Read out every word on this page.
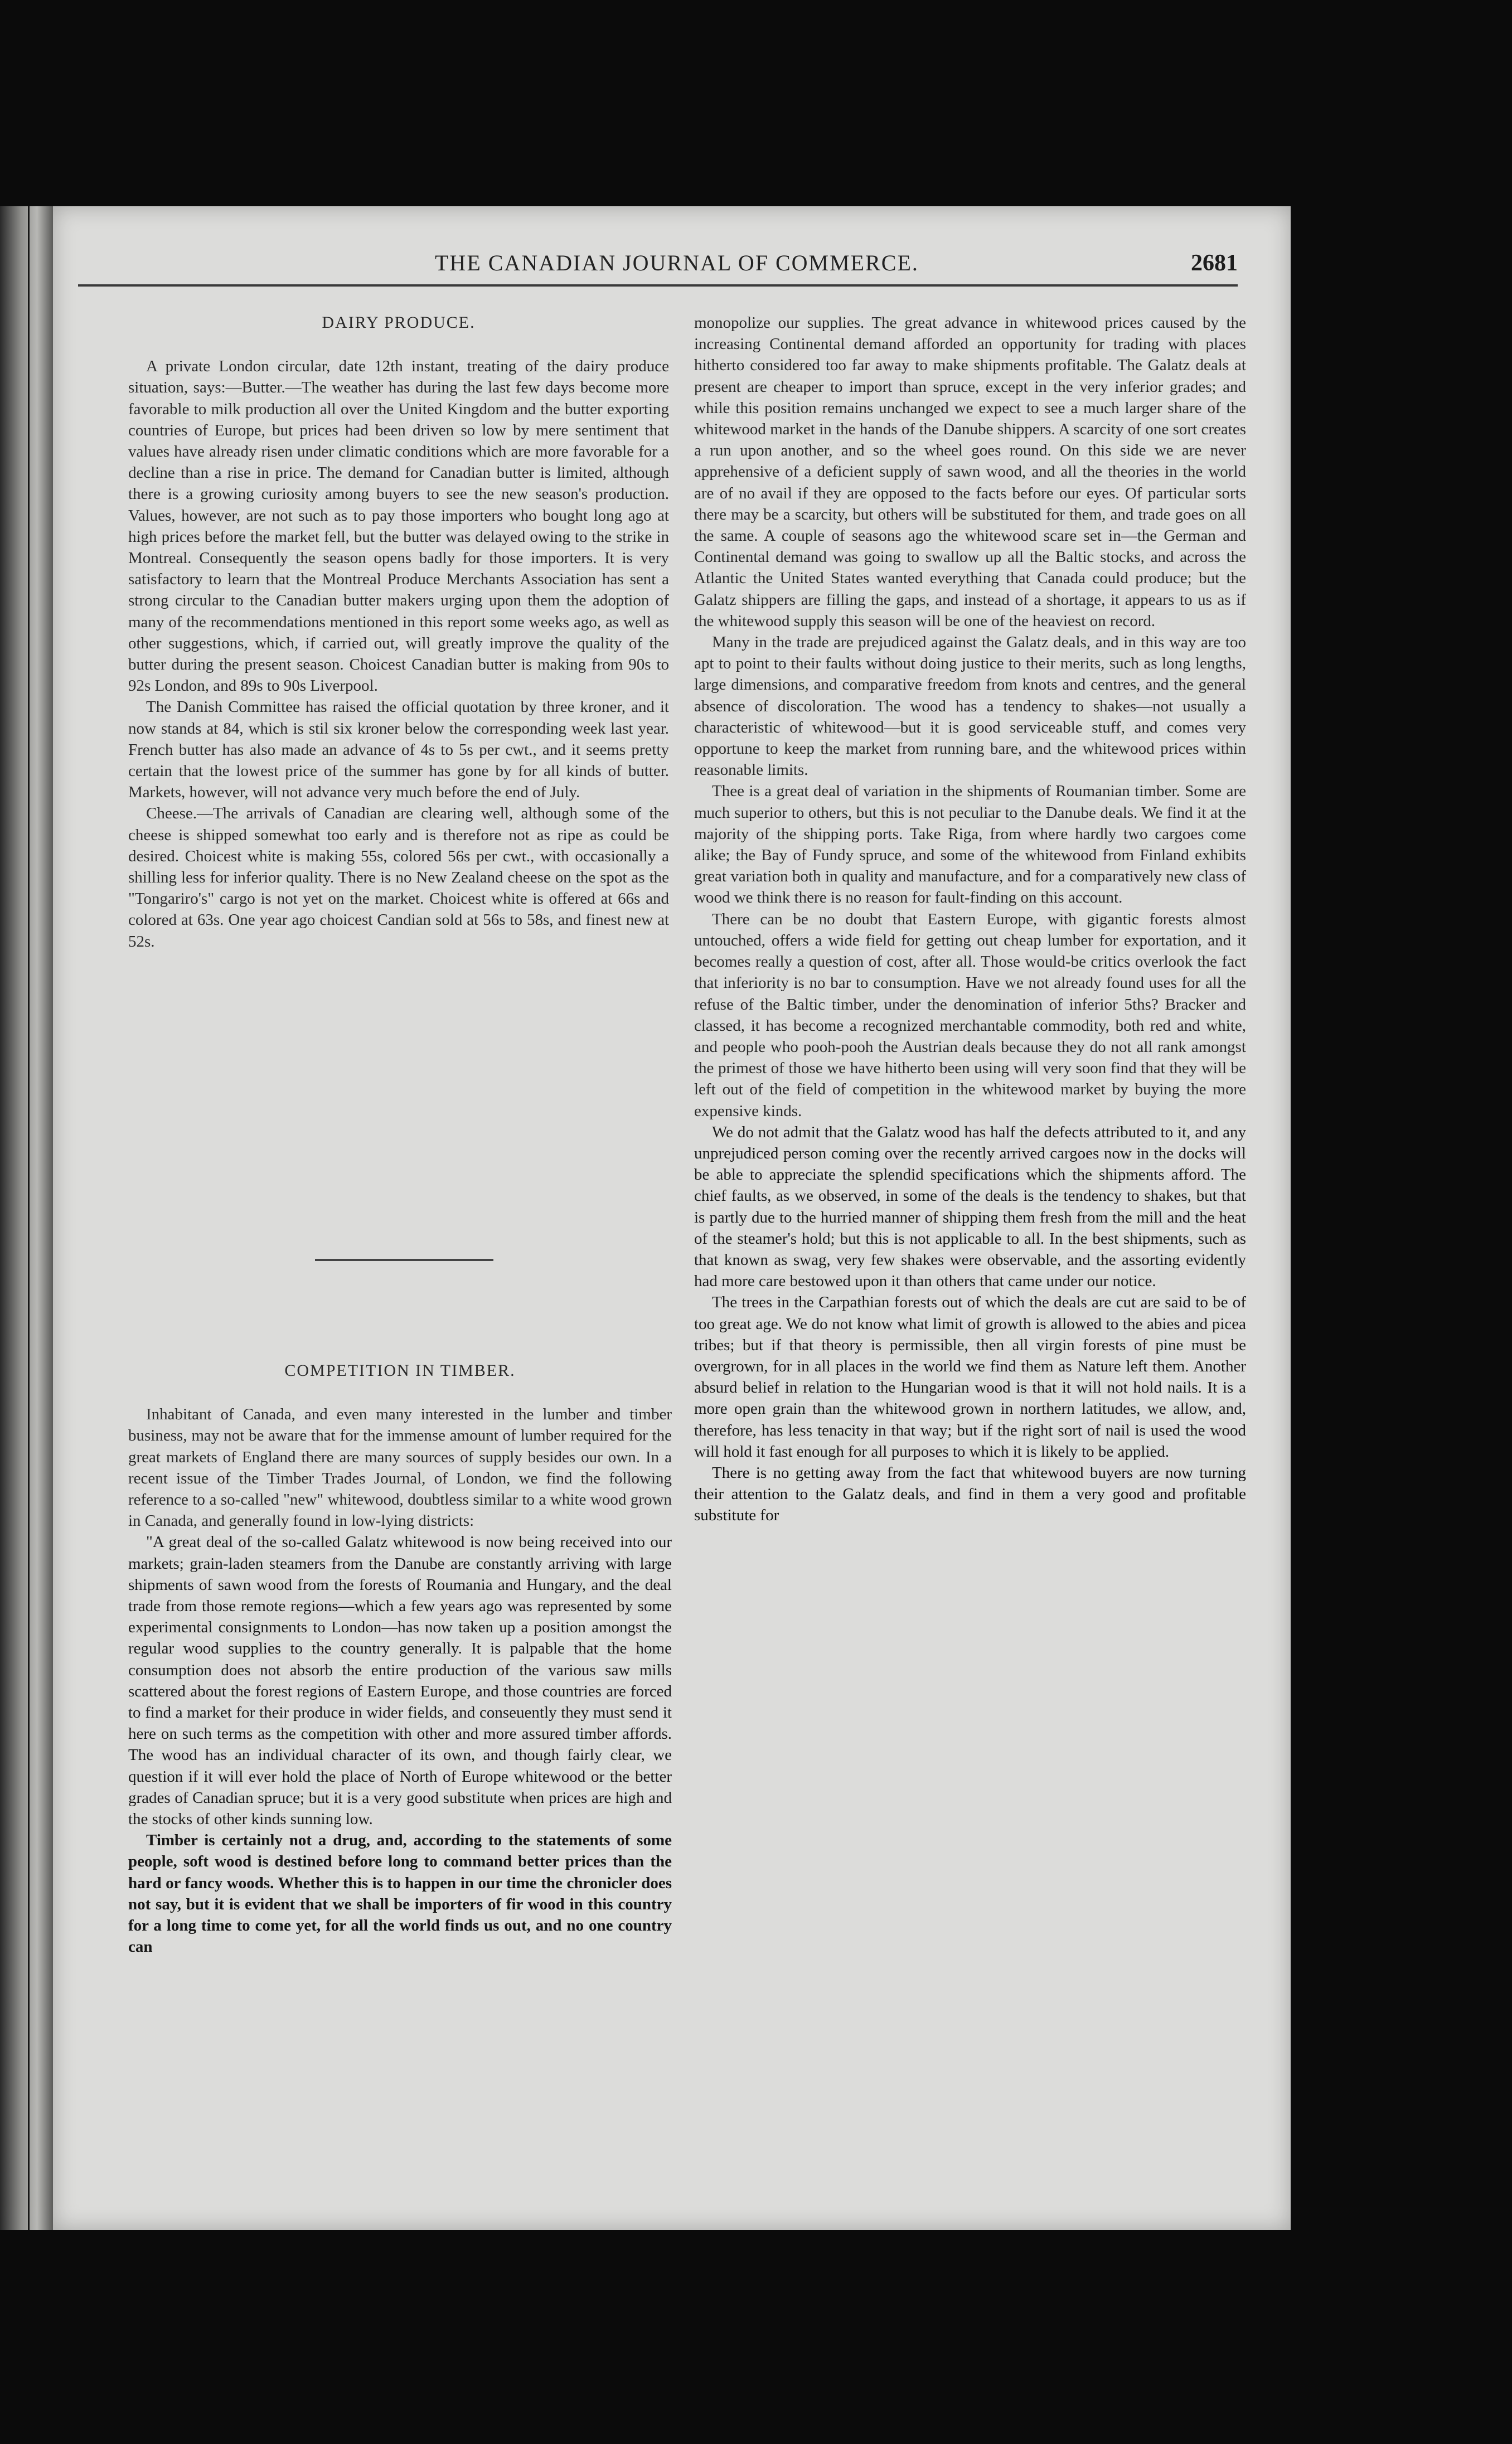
THE CANADIAN JOURNAL OF COMMERCE.	2681
DAIRY PRODUCE.

A private London circular, date 12th instant, treating of the dairy produce situation, says:—Butter.—The weather has during the last few days become more favorable to milk production all over the United Kingdom and the butter exporting countries of Europe, but prices had been driven so low by mere sentiment that values have already risen under climatic conditions which are more favorable for a decline than a rise in price. The demand for Canadian butter is limited, although there is a growing curiosity among buyers to see the new season's production. Values, however, are not such as to pay those importers who bought long ago at high prices before the market fell, but the butter was delayed owing to the strike in Montreal. Consequently the season opens badly for those importers. It is very satisfactory to learn that the Montreal Produce Merchants Association has sent a strong circular to the Canadian butter makers urging upon them the adoption of many of the recommendations mentioned in this report some weeks ago, as well as other suggestions, which, if carried out, will greatly improve the quality of the butter during the present season. Choicest Canadian butter is making from 90s to 92s London, and 89s to 90s Liverpool.

The Danish Committee has raised the official quotation by three kroner, and it now stands at 84, which is stil six kroner below the corresponding week last year. French butter has also made an advance of 4s to 5s per cwt., and it seems pretty certain that the lowest price of the summer has gone by for all kinds of butter. Markets, however, will not advance very much before the end of July.

Cheese.—The arrivals of Canadian are clearing well, although some of the cheese is shipped somewhat too early and is therefore not as ripe as could be desired. Choicest white is making 55s, colored 56s per cwt., with occasionally a shilling less for inferior quality. There is no New Zealand cheese on the spot as the "Tongariro's" cargo is not yet on the market. Choicest white is offered at 66s and colored at 63s. One year ago choicest Candian sold at 56s to 58s, and finest new at 52s.

COMPETITION IN TIMBER.

Inhabitant of Canada, and even many interested in the lumber and timber business, may not be aware that for the immense amount of lumber required for the great markets of England there are many sources of supply besides our own. In a recent issue of the Timber Trades Journal, of London, we find the following reference to a so-called "new" whitewood, doubtless similar to a white wood grown in Canada, and generally found in low-lying districts:

"A great deal of the so-called Galatz whitewood is now being received into our markets; grain-laden steamers from the Danube are constantly arriving with large shipments of sawn wood from the forests of Roumania and Hungary, and the deal trade from those remote regions—which a few years ago was represented by some experimental consignments to London—has now taken up a position amongst the regular wood supplies to the country generally. It is palpable that the home consumption does not absorb the entire production of the various saw mills scattered about the forest regions of Eastern Europe, and those countries are forced to find a market for their produce in wider fields, and conseuently they must send it here on such terms as the competition with other and more assured timber affords. The wood has an individual character of its own, and though fairly clear, we question if it will ever hold the place of North of Europe whitewood or the better grades of Canadian spruce; but it is a very good substitute when prices are high and the stocks of other kinds sunning low.

Timber is certainly not a drug, and, according to the statements of some people, soft wood is destined before long to command better prices than the hard or fancy woods. Whether this is to happen in our time the chronicler does not say, but it is evident that we shall be importers of fir wood in this country for a long time to come yet, for all the world finds us out, and no one country can

monopolize our supplies. The great advance in whitewood prices caused by the increasing Continental demand afforded an opportunity for trading with places hitherto considered too far away to make shipments profitable. The Galatz deals at present are cheaper to import than spruce, except in the very inferior grades; and while this position remains unchanged we expect to see a much larger share of the whitewood market in the hands of the Danube shippers. A scarcity of one sort creates a run upon another, and so the wheel goes round. On this side we are never apprehensive of a deficient supply of sawn wood, and all the theories in the world are of no avail if they are opposed to the facts before our eyes. Of particular sorts there may be a scarcity, but others will be substituted for them, and trade goes on all the same. A couple of seasons ago the whitewood scare set in—the German and Continental demand was going to swallow up all the Baltic stocks, and across the Atlantic the United States wanted everything that Canada could produce; but the Galatz shippers are filling the gaps, and instead of a shortage, it appears to us as if the whitewood supply this season will be one of the heaviest on record.

Many in the trade are prejudiced against the Galatz deals, and in this way are too apt to point to their faults without doing justice to their merits, such as long lengths, large dimensions, and comparative freedom from knots and centres, and the general absence of discoloration. The wood has a tendency to shakes—not usually a characteristic of whitewood—but it is good serviceable stuff, and comes very opportune to keep the market from running bare, and the whitewood prices within reasonable limits.

Thee is a great deal of variation in the shipments of Roumanian timber. Some are much superior to others, but this is not peculiar to the Danube deals. We find it at the majority of the shipping ports. Take Riga, from where hardly two cargoes come alike; the Bay of Fundy spruce, and some of the whitewood from Finland exhibits great variation both in quality and manufacture, and for a comparatively new class of wood we think there is no reason for fault-finding on this account.

There can be no doubt that Eastern Europe, with gigantic forests almost untouched, offers a wide field for getting out cheap lumber for exportation, and it becomes really a question of cost, after all. Those would-be critics overlook the fact that inferiority is no bar to consumption. Have we not already found uses for all the refuse of the Baltic timber, under the denomination of inferior 5ths? Bracker and classed, it has become a recognized merchantable commodity, both red and white, and people who pooh-pooh the Austrian deals because they do not all rank amongst the primest of those we have hitherto been using will very soon find that they will be left out of the field of competition in the whitewood market by buying the more expensive kinds.

We do not admit that the Galatz wood has half the defects attributed to it, and any unprejudiced person coming over the recently arrived cargoes now in the docks will be able to appreciate the splendid specifications which the shipments afford. The chief faults, as we observed, in some of the deals is the tendency to shakes, but that is partly due to the hurried manner of shipping them fresh from the mill and the heat of the steamer's hold; but this is not applicable to all. In the best shipments, such as that known as swag, very few shakes were observable, and the assorting evidently had more care bestowed upon it than others that came under our notice.

The trees in the Carpathian forests out of which the deals are cut are said to be of too great age. We do not know what limit of growth is allowed to the abies and picea tribes; but if that theory is permissible, then all virgin forests of pine must be overgrown, for in all places in the world we find them as Nature left them. Another absurd belief in relation to the Hungarian wood is that it will not hold nails. It is a more open grain than the whitewood grown in northern latitudes, we allow, and, therefore, has less tenacity in that way; but if the right sort of nail is used the wood will hold it fast enough for all purposes to which it is likely to be applied.

There is no getting away from the fact that whitewood buyers are now turning their attention to the Galatz deals, and find in them a very good and profitable substitute for
